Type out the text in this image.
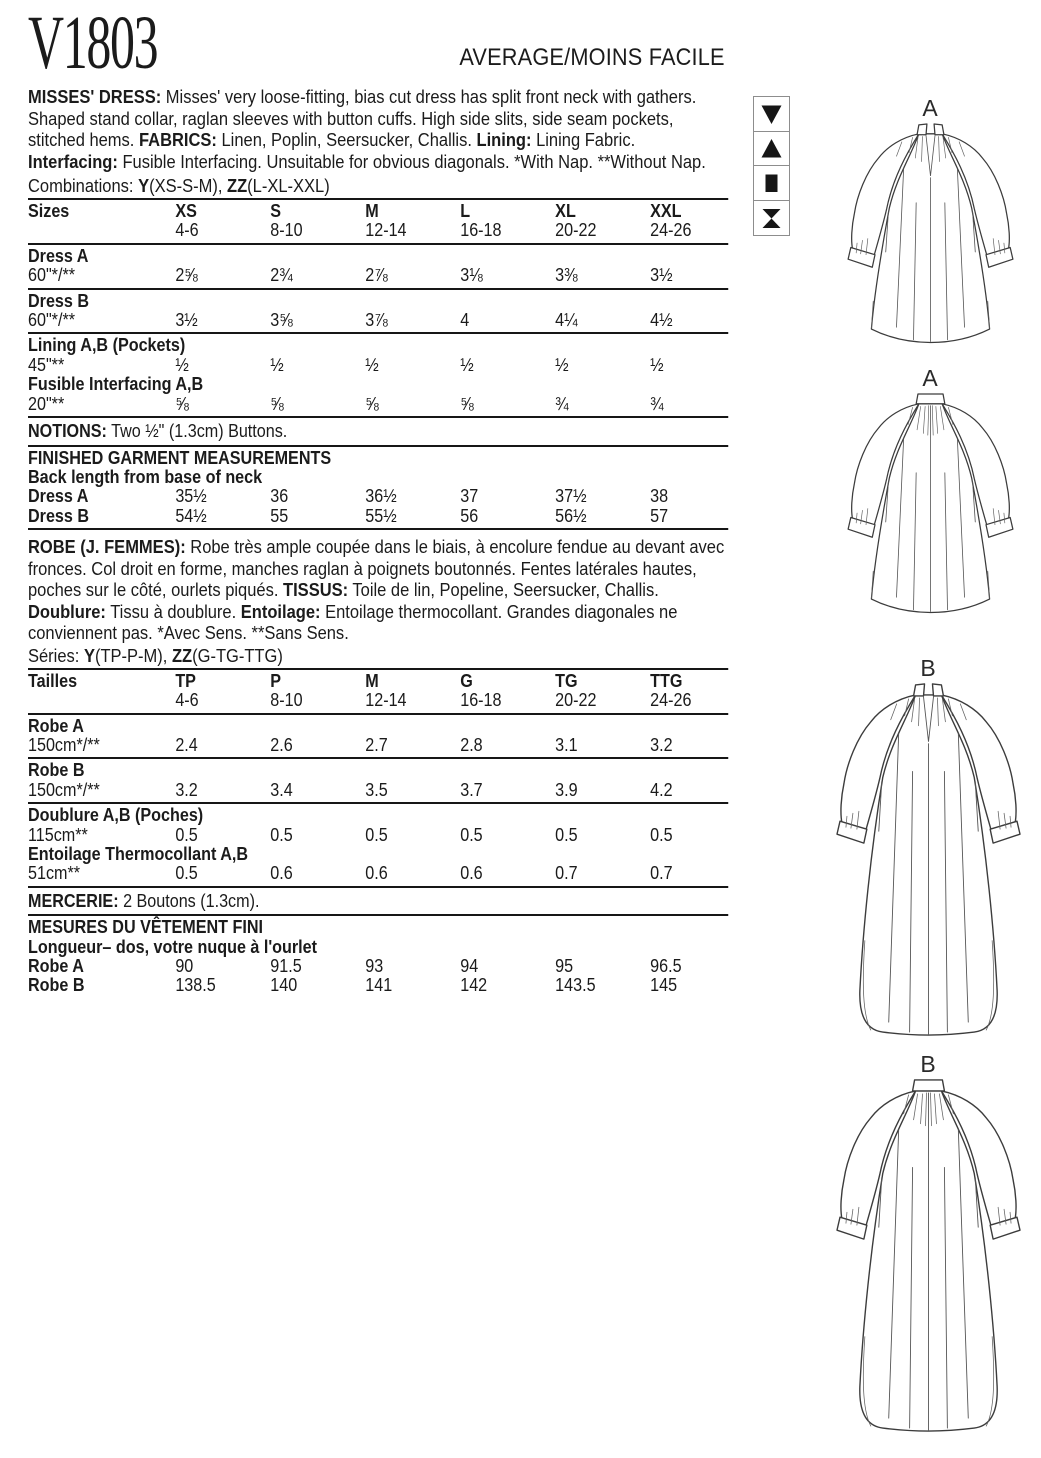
V1803	AVERAGE/MOINS FACILE
MISSES' DRESS: Misses' very loose-fitting, bias cut dress has split front neck with gathers. Shaped stand collar, raglan sleeves with button cuffs. High side slits, side seam pockets, stitched hems. FABRICS: Linen, Poplin, Seersucker, Challis. Lining: Lining Fabric. Interfacing: Fusible Interfacing. Unsuitable for obvious diagonals. *With Nap. **Without Nap.
Combinations: Y(XS-S-M), ZZ(L-XL-XXL)
Sizes	XS	S	M	L	XL	XXL
4-6	8-10	12-14	16-18	20-22	24-26
Dress A
60"*/**	2⅝	2¾	2⅞	3⅛	3⅜	3½
Dress B
60"*/**	3½	3⅝	3⅞	4	4¼	4½
Lining A,B (Pockets)
45"**	½	½	½	½	½	½
Fusible Interfacing A,B
20"**	⅝	⅝	⅝	⅝	¾	¾
NOTIONS: Two ½" (1.3cm) Buttons.
FINISHED GARMENT MEASUREMENTS
Back length from base of neck
Dress A	35½	36	36½	37	37½	38
Dress B	54½	55	55½	56	56½	57
ROBE (J. FEMMES): Robe très ample coupée dans le biais, à encolure fendue au devant avec fronces. Col droit en forme, manches raglan à poignets boutonnés. Fentes latérales hautes, poches sur le côté, ourlets piqués. TISSUS: Toile de lin, Popeline, Seersucker, Challis. Doublure: Tissu à doublure. Entoilage: Entoilage thermocollant. Grandes diagonales ne conviennent pas. *Avec Sens. **Sans Sens.
Séries: Y(TP-P-M), ZZ(G-TG-TTG)
Tailles	TP	P	M	G	TG	TTG
4-6	8-10	12-14	16-18	20-22	24-26
Robe A
150cm*/**	2.4	2.6	2.7	2.8	3.1	3.2
Robe B
150cm*/**	3.2	3.4	3.5	3.7	3.9	4.2
Doublure A,B (Poches)
115cm**	0.5	0.5	0.5	0.5	0.5	0.5
Entoilage Thermocollant A,B
51cm**	0.5	0.6	0.6	0.6	0.7	0.7
MERCERIE: 2 Boutons (1.3cm).
MESURES DU VÊTEMENT FINI
Longueur– dos, votre nuque à l'ourlet
Robe A	90	91.5	93	94	95	96.5
Robe B	138.5	140	141	142	143.5	145
A
A
B
B
